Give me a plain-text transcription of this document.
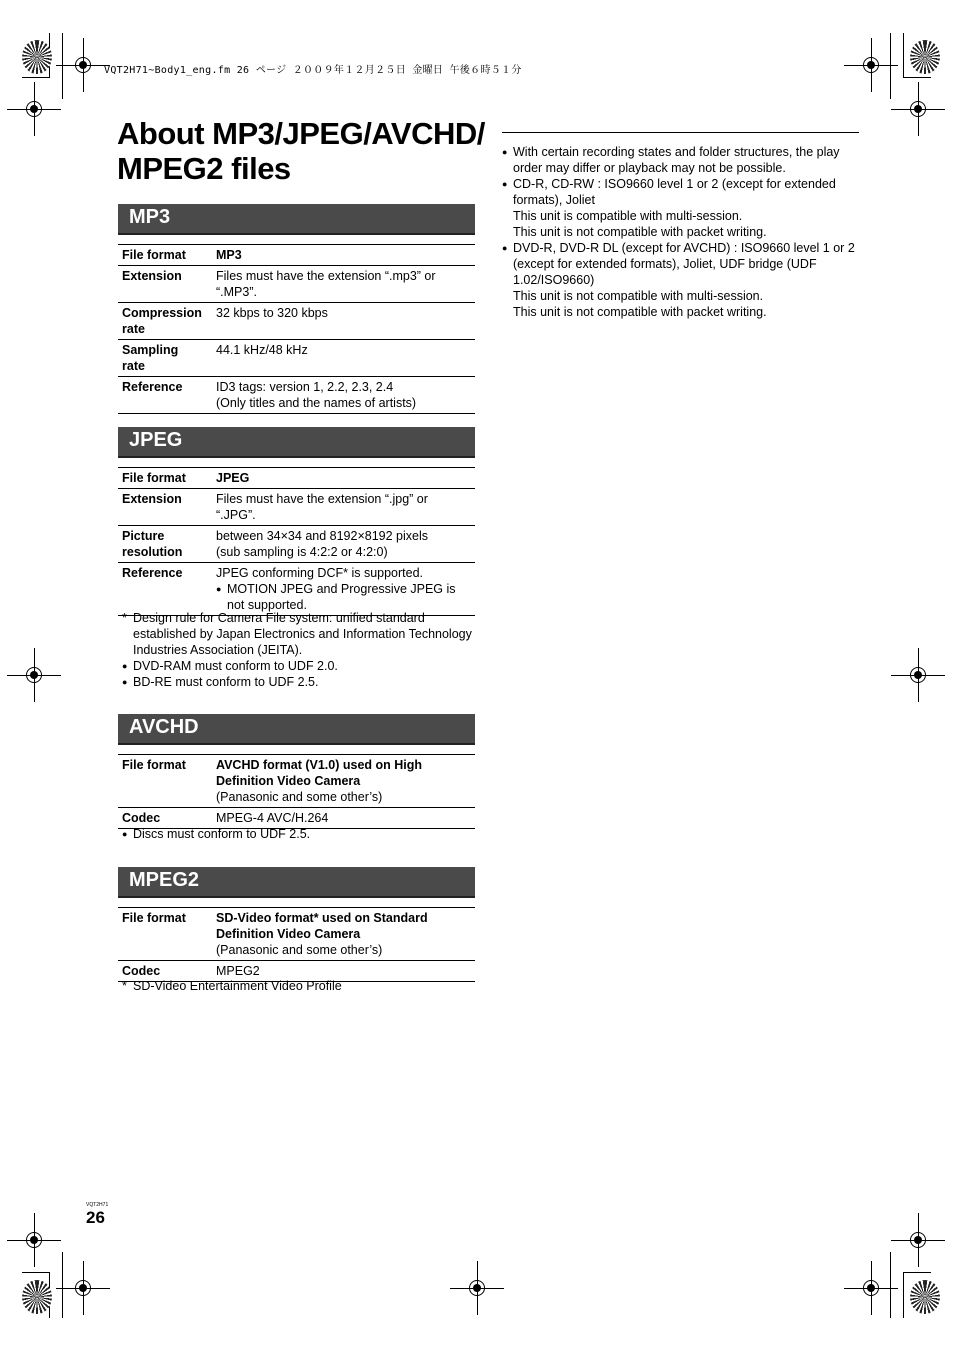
VQT2H71~Body1_eng.fm 26 ページ ２００９年１２月２５日 金曜日 午後６時５１分
About MP3/JPEG/AVCHD/
MPEG2 files
MP3
File format	MP3
Extension	Files must have the extension “.mp3” or
“.MP3”.
Compression
rate	32 kbps to 320 kbps
Sampling
rate	44.1 kHz/48 kHz
Reference	ID3 tags: version 1, 2.2, 2.3, 2.4
(Only titles and the names of artists)
JPEG
File format	JPEG
Extension	Files must have the extension “.jpg” or
“.JPG”.
Picture
resolution	between 34×34 and 8192×8192 pixels
(sub sampling is 4:2:2 or 4:2:0)
Reference	JPEG conforming DCF* is supported.
● MOTION JPEG and Progressive JPEG is not supported.
* Design rule for Camera File system: unified standard established by Japan Electronics and Information Technology Industries Association (JEITA).
● DVD-RAM must conform to UDF 2.0.
● BD-RE must conform to UDF 2.5.
AVCHD
File format	AVCHD format (V1.0) used on High
Definition Video Camera
(Panasonic and some other’s)
Codec	MPEG-4 AVC/H.264
● Discs must conform to UDF 2.5.
MPEG2
File format	SD-Video format* used on Standard
Definition Video Camera
(Panasonic and some other’s)
Codec	MPEG2
* SD-Video Entertainment Video Profile
● With certain recording states and folder structures, the play order may differ or playback may not be possible.
● CD-R, CD-RW : ISO9660 level 1 or 2 (except for extended formats), Joliet
This unit is compatible with multi-session.
This unit is not compatible with packet writing.
● DVD-R, DVD-R DL (except for AVCHD) : ISO9660 level 1 or 2 (except for extended formats), Joliet, UDF bridge (UDF 1.02/ISO9660)
This unit is not compatible with multi-session.
This unit is not compatible with packet writing.
VQT2H71
26
